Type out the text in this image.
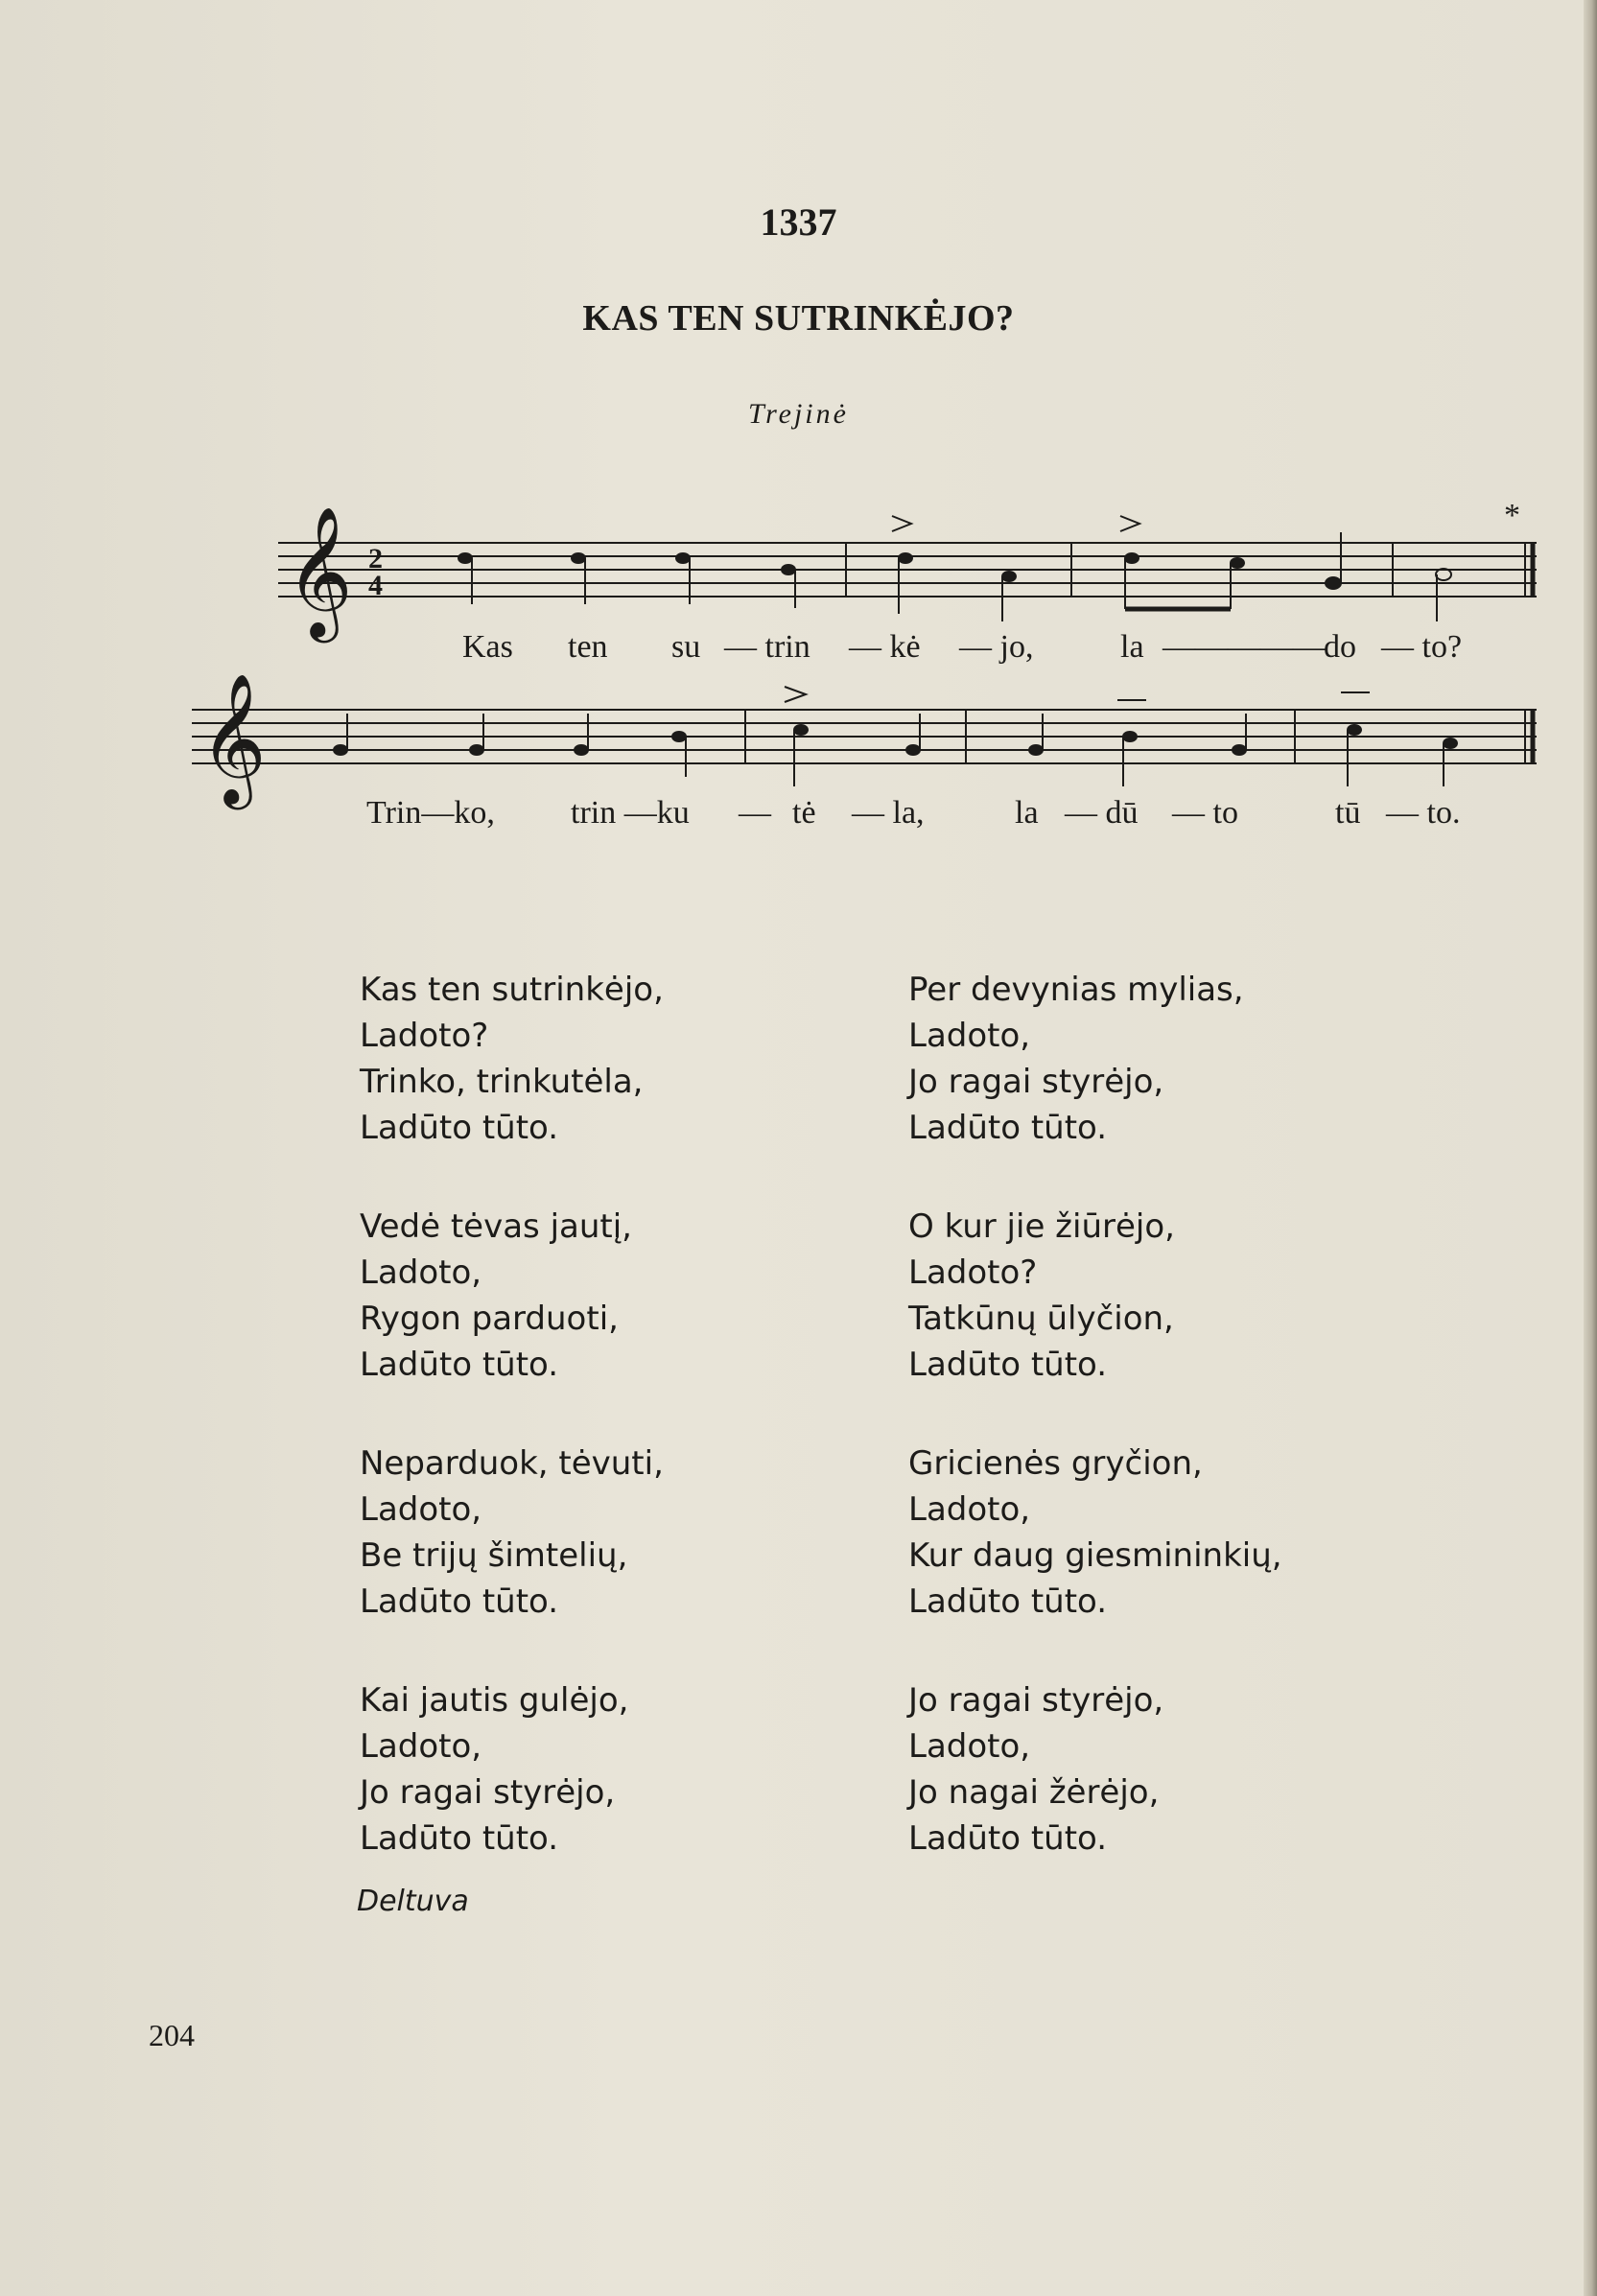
1337
KAS TEN SUTRINKĖJO?
Trejinė
𝄞 2
4
*
𝄞
Kas ten su — trin — kė — jo,	la —————
do — to?
Trin—ko, trin —ku — tė — la,	la — dū — to	tū — to.
Kas ten sutrinkėjo,
Ladoto?
Trinko, trinkutėla,
Ladūto tūto.
Vedė tėvas jautį,
Ladoto,
Rygon parduoti,
Ladūto tūto.
Neparduok, tėvuti,
Ladoto,
Be trijų šimtelių,
Ladūto tūto.
Kai jautis gulėjo,
Ladoto,
Jo ragai styrėjo,
Ladūto tūto.
Per devynias mylias,
Ladoto,
Jo ragai styrėjo,
Ladūto tūto.
O kur jie žiūrėjo,
Ladoto?
Tatkūnų ūlyčion,
Ladūto tūto.
Gricienės gryčion,
Ladoto,
Kur daug giesmininkių,
Ladūto tūto.
Jo ragai styrėjo,
Ladoto,
Jo nagai žėrėjo,
Ladūto tūto.
Deltuva
204
